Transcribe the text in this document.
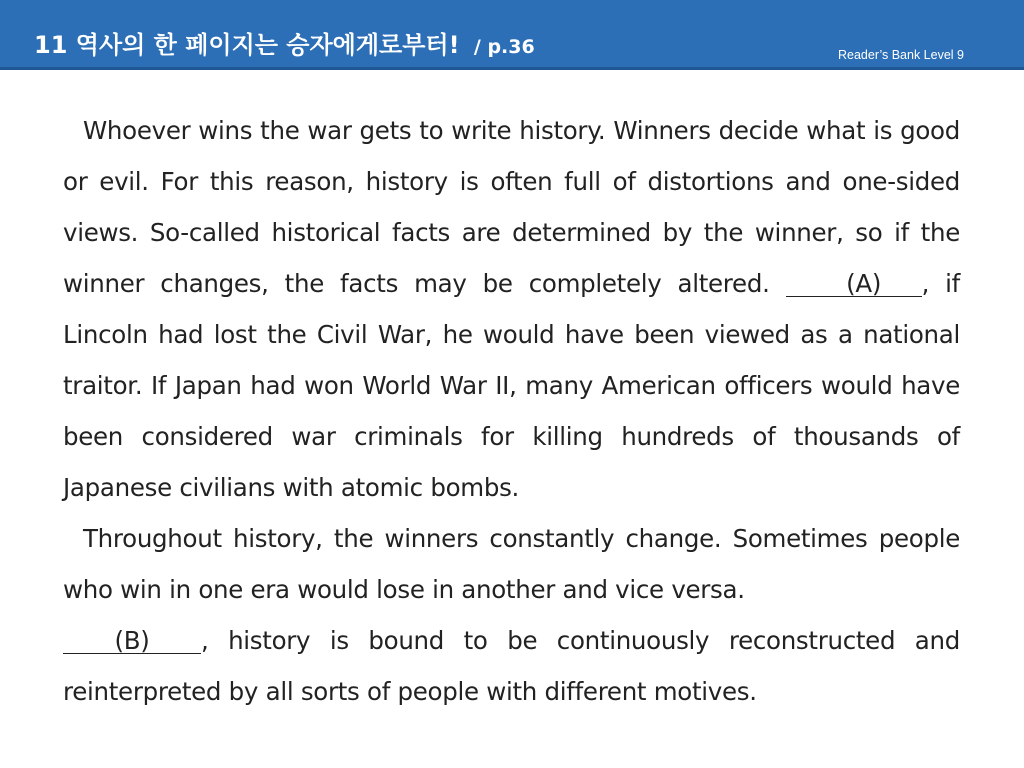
11 역사의 한 페이지는 승자에게로부터! / p.36	Reader’s Bank Level 9

Whoever wins the war gets to write history. Winners decide what is good or evil. For this reason, history is often full of distortions and one-sided views. So-called historical facts are determined by the winner, so if the winner changes, the facts may be completely altered. (A) , if Lincoln had lost the Civil War, he would have been viewed as a national traitor. If Japan had won World War II, many American officers would have been considered war criminals for killing hundreds of thousands of Japanese civilians with atomic bombs.

Throughout history, the winners constantly change. Sometimes people who win in one era would lose in another and vice versa.

(B) , history is bound to be continuously reconstructed and reinterpreted by all sorts of people with different motives.
